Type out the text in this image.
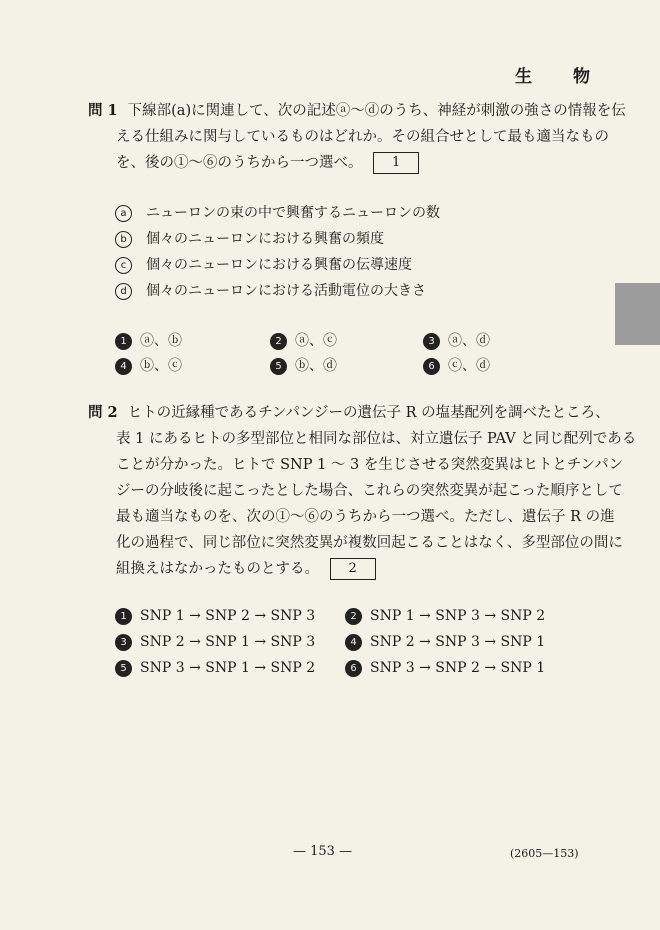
生　物
問 1 下線部(a)に関連して、次の記述ⓐ〜ⓓのうち、神経が刺激の強さの情報を伝
える仕組みに関与しているものはどれか。その組合せとして最も適当なもの
を、後の①〜⑥のうちから一つ選べ。 1
a ニューロンの束の中で興奮するニューロンの数
b 個々のニューロンにおける興奮の頻度
c 個々のニューロンにおける興奮の伝導速度
d 個々のニューロンにおける活動電位の大きさ
1 ⓐ、ⓑ	2 ⓐ、ⓒ	3 ⓐ、ⓓ
4 ⓑ、ⓒ	5 ⓑ、ⓓ	6 ⓒ、ⓓ
問 2 ヒトの近縁種であるチンパンジーの遺伝子 R の塩基配列を調べたところ、
表 1 にあるヒトの多型部位と相同な部位は、対立遺伝子 PAV と同じ配列である
ことが分かった。ヒトで SNP 1 〜 3 を生じさせる突然変異はヒトとチンパン
ジーの分岐後に起こったとした場合、これらの突然変異が起こった順序として
最も適当なものを、次の①〜⑥のうちから一つ選べ。ただし、遺伝子 R の進
化の過程で、同じ部位に突然変異が複数回起こることはなく、多型部位の間に
組換えはなかったものとする。 2
1 SNP 1 → SNP 2 → SNP 3	2 SNP 1 → SNP 3 → SNP 2
3 SNP 2 → SNP 1 → SNP 3	4 SNP 2 → SNP 3 → SNP 1
5 SNP 3 → SNP 1 → SNP 2	6 SNP 3 → SNP 2 → SNP 1
— 153 —	(2605—153)
